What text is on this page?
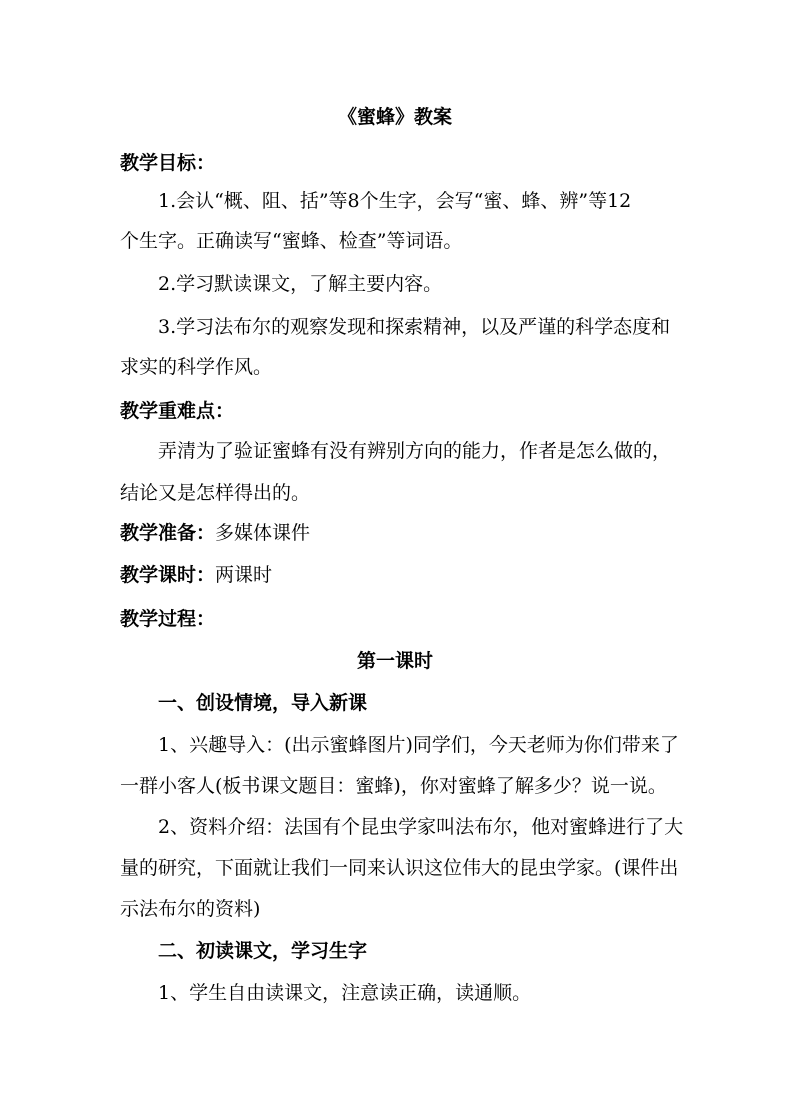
《蜜蜂》教案
教学目标：
1.会认“概、阻、括”等8个生字，会写“蜜、蜂、辨”等12
个生字。正确读写“蜜蜂、检查”等词语。
2.学习默读课文，了解主要内容。
3.学习法布尔的观察发现和探索精神，以及严谨的科学态度和
求实的科学作风。
教学重难点：
弄清为了验证蜜蜂有没有辨别方向的能力，作者是怎么做的，
结论又是怎样得出的。
教学准备：多媒体课件
教学课时：两课时
教学过程：
第一课时
一、创设情境，导入新课
1、兴趣导入：(出示蜜蜂图片)同学们，今天老师为你们带来了
一群小客人(板书课文题目：蜜蜂)，你对蜜蜂了解多少？说一说。
2、资料介绍：法国有个昆虫学家叫法布尔，他对蜜蜂进行了大
量的研究，下面就让我们一同来认识这位伟大的昆虫学家。(课件出
示法布尔的资料)
二、初读课文，学习生字
1、学生自由读课文，注意读正确，读通顺。
